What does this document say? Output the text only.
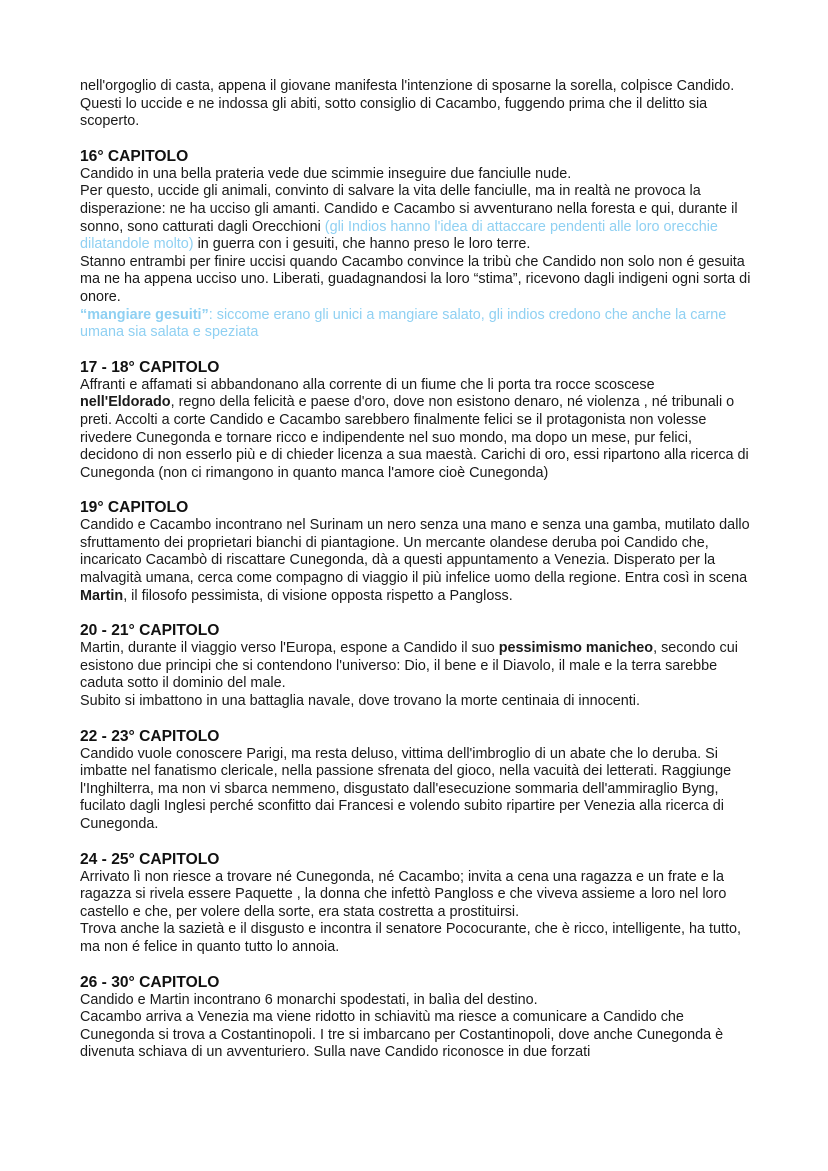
nell'orgoglio di casta, appena il giovane manifesta l'intenzione di sposarne la sorella, colpisce Candido. Questi lo uccide e ne indossa gli abiti, sotto consiglio di Cacambo, fuggendo prima che il delitto sia scoperto.

16° CAPITOLO

Candido in una bella prateria vede due scimmie inseguire due fanciulle nude.

Per questo, uccide gli animali, convinto di salvare la vita delle fanciulle, ma in realtà ne provoca la disperazione: ne ha ucciso gli amanti. Candido e Cacambo si avventurano nella foresta e qui, durante il sonno, sono catturati dagli Orecchioni (gli Indios hanno l'idea di attaccare pendenti alle loro orecchie dilatandole molto) in guerra con i gesuiti, che hanno preso le loro terre.

Stanno entrambi per finire uccisi quando Cacambo convince la tribù che Candido non solo non é gesuita ma ne ha appena ucciso uno. Liberati, guadagnandosi la loro “stima”, ricevono dagli indigeni ogni sorta di onore.

“mangiare gesuiti”: siccome erano gli unici a mangiare salato, gli indios credono che anche la carne umana sia salata e speziata

17 - 18° CAPITOLO

Affranti e affamati si abbandonano alla corrente di un fiume che li porta tra rocce scoscese nell'Eldorado, regno della felicità e paese d'oro, dove non esistono denaro, né violenza , né tribunali o preti. Accolti a corte Candido e Cacambo sarebbero finalmente felici se il protagonista non volesse rivedere Cunegonda e tornare ricco e indipendente nel suo mondo, ma dopo un mese, pur felici, decidono di non esserlo più e di chieder licenza a sua maestà. Carichi di oro, essi ripartono alla ricerca di Cunegonda (non ci rimangono in quanto manca l'amore cioè Cunegonda)

19° CAPITOLO

Candido e Cacambo incontrano nel Surinam un nero senza una mano e senza una gamba, mutilato dallo sfruttamento dei proprietari bianchi di piantagione. Un mercante olandese deruba poi Candido che, incaricato Cacambò di riscattare Cunegonda, dà a questi appuntamento a Venezia. Disperato per la malvagità umana, cerca come compagno di viaggio il più infelice uomo della regione. Entra così in scena Martin, il filosofo pessimista, di visione opposta rispetto a Pangloss.

20 - 21° CAPITOLO

Martin, durante il viaggio verso l'Europa, espone a Candido il suo pessimismo manicheo, secondo cui esistono due principi che si contendono l'universo: Dio, il bene e il Diavolo, il male e la terra sarebbe caduta sotto il dominio del male.

Subito si imbattono in una battaglia navale, dove trovano la morte centinaia di innocenti.

22 - 23° CAPITOLO

Candido vuole conoscere Parigi, ma resta deluso, vittima dell'imbroglio di un abate che lo deruba. Si imbatte nel fanatismo clericale, nella passione sfrenata del gioco, nella vacuità dei letterati. Raggiunge l'Inghilterra, ma non vi sbarca nemmeno, disgustato dall'esecuzione sommaria dell'ammiraglio Byng, fucilato dagli Inglesi perché sconfitto dai Francesi e volendo subito ripartire per Venezia alla ricerca di Cunegonda.

24 - 25° CAPITOLO

Arrivato lì non riesce a trovare né Cunegonda, né Cacambo; invita a cena una ragazza e un frate e la ragazza si rivela essere Paquette , la donna che infettò Pangloss e che viveva assieme a loro nel loro castello e che, per volere della sorte, era stata costretta a prostituirsi.

Trova anche la sazietà e il disgusto e incontra il senatore Pococurante, che è ricco, intelligente, ha tutto, ma non é felice in quanto tutto lo annoia.

26 - 30° CAPITOLO

Candido e Martin incontrano 6 monarchi spodestati, in balìa del destino.

Cacambo arriva a Venezia ma viene ridotto in schiavitù ma riesce a comunicare a Candido che Cunegonda si trova a Costantinopoli. I tre si imbarcano per Costantinopoli, dove anche Cunegonda è divenuta schiava di un avventuriero. Sulla nave Candido riconosce in due forzati
